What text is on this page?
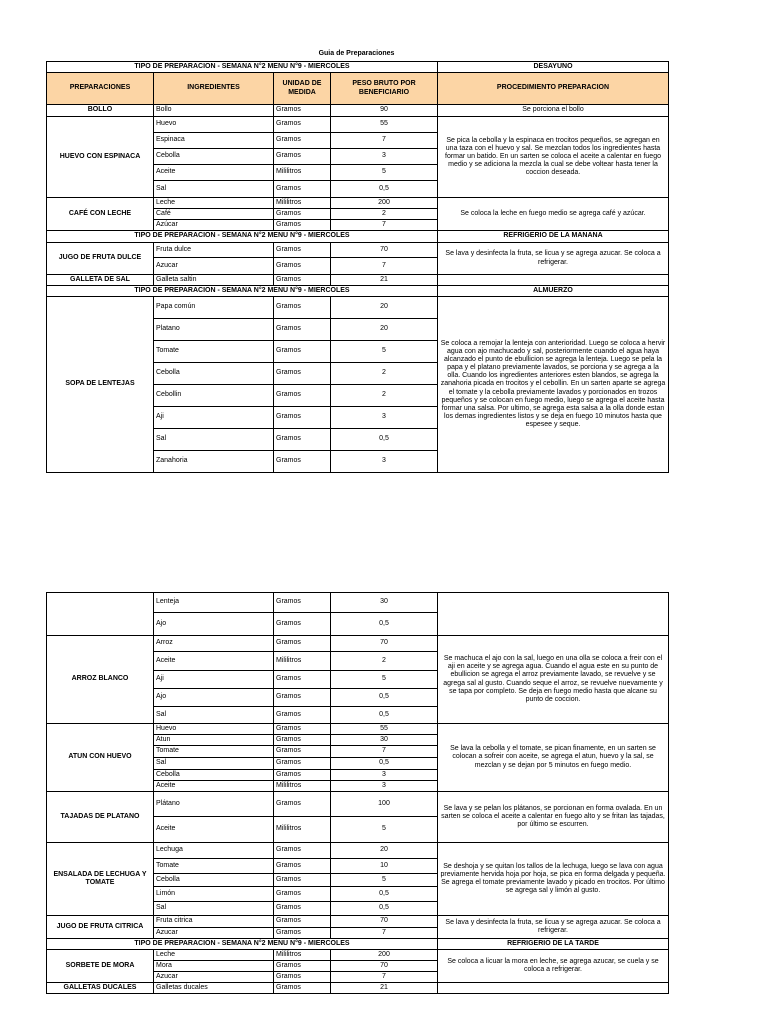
Guia de Preparaciones
TIPO DE PREPARACION - SEMANA N°2 MENU N°9 - MIERCOLES				DESAYUNO
PREPARACIONES	INGREDIENTES	UNIDAD DE MEDIDA	PESO BRUTO POR BENEFICIARIO	PROCEDIMIENTO PREPARACION
BOLLO	Bollo	Gramos	90	Se porciona el bollo
HUEVO CON ESPINACA	Huevo	Gramos	55	Se pica la cebolla y la espinaca en trocitos pequeños, se agregan en una taza con el huevo y sal. Se mezclan todos los ingredientes hasta formar un batido. En un sarten se coloca el aceite a calentar en fuego medio y se adiciona la mezcla la cual se debe voltear hasta tener la coccion deseada.
	Espinaca	Gramos	7	
	Cebolla	Gramos	3	
	Aceite	Mililitros	5	
	Sal	Gramos	0,5	
CAFÉ CON LECHE	Leche	Mililitros	200	Se coloca la leche en fuego medio se agrega café y azúcar.
	Café	Gramos	2	
	Azúcar	Gramos	7	
TIPO DE PREPARACION - SEMANA N°2 MENU N°9 - MIERCOLES				REFRIGERIO DE LA MANANA
JUGO DE FRUTA DULCE	Fruta dulce	Gramos	70	Se lava y desinfecta la fruta, se licua y se agrega azucar. Se coloca a refrigerar.
	Azucar	Gramos	7	
GALLETA DE SAL	Galleta saltin	Gramos	21	
TIPO DE PREPARACION - SEMANA N°2 MENU N°9 - MIERCOLES				ALMUERZO
SOPA DE LENTEJAS	Papa común	Gramos	20	Se coloca a remojar la lenteja con anterioridad. Luego se coloca a hervir agua con ajo machucado y sal, posteriormente cuando el agua haya alcanzado el punto de ebullicion se agrega la lenteja. Luego se pela la papa y el platano previamente lavados, se porciona y se agrega a la olla. Cuando los ingredientes anteriores esten blandos, se agrega la zanahoria picada en trocitos y el cebollin. En un sarten aparte se agrega el tomate y la cebolla previamente lavados y porcionados en trozos pequeños y se colocan en fuego medio, luego se agrega el aceite hasta formar una salsa. Por ultimo, se agrega esta salsa a la olla donde estan los demas ingredientes listos y se deja en fuego 10 minutos hasta que espesee y seque.
	Platano	Gramos	20	
	Tomate	Gramos	5	
	Cebolla	Gramos	2	
	Cebollin	Gramos	2	
	Aji	Gramos	3	
	Sal	Gramos	0,5	
	Zanahoria	Gramos	3	
	Lenteja	Gramos	30	
	Ajo	Gramos	0,5	
ARROZ BLANCO	Arroz	Gramos	70	Se machuca el ajo con la sal, luego en una olla se coloca a freir con el aji en aceite y se agrega agua. Cuando el agua este en su punto de ebullicion se agrega el arroz previamente lavado, se revuelve y se agrega sal al gusto. Cuando seque el arroz, se revuelve nuevamente y se tapa por completo. Se deja en fuego medio hasta que alcane su punto de coccion.
	Aceite	Mililitros	2	
	Aji	Gramos	5	
	Ajo	Gramos	0,5	
	Sal	Gramos	0,5	
ATUN CON HUEVO	Huevo	Gramos	55	Se lava la cebolla y el tomate, se pican finamente, en un sarten se colocan a sofreir con aceite, se agrega el atun, huevo y la sal, se mezclan y se dejan por 5 minutos en fuego medio.
	Atun	Gramos	30	
	Tomate	Gramos	7	
	Sal	Gramos	0,5	
	Cebolla	Gramos	3	
	Aceite	Mililitros	3	
TAJADAS DE PLATANO	Plátano	Gramos	100	Se lava y se pelan los plátanos, se porcionan en forma ovalada. En un sarten se coloca el aceite a calentar en fuego alto y se fritan las tajadas, por último se escurren.
	Aceite	Mililitros	5	
ENSALADA DE LECHUGA Y TOMATE	Lechuga	Gramos	20	Se deshoja y se quitan los tallos de la lechuga, luego se lava con agua previamente hervida hoja por hoja, se pica en forma delgada y pequeña. Se agrega el tomate previamente lavado y picado en trocitos. Por último se agrega sal y limón al gusto.
	Tomate	Gramos	10	
	Cebolla	Gramos	5	
	Limón	Gramos	0,5	
	Sal	Gramos	0,5	
JUGO DE FRUTA CITRICA	Fruta citrica	Gramos	70	Se lava y desinfecta la fruta, se licua y se agrega azucar. Se coloca a refrigerar.
	Azucar	Gramos	7	
TIPO DE PREPARACION - SEMANA N°2 MENU N°9 - MIERCOLES				REFRIGERIO DE LA TARDE
SORBETE DE MORA	Leche	Mililitros	200	Se coloca a licuar la mora en leche, se agrega azucar, se cuela y se coloca a refrigerar.
	Mora	Gramos	70	
	Azucar	Gramos	7	
GALLETAS DUCALES	Galletas ducales	Gramos	21	
